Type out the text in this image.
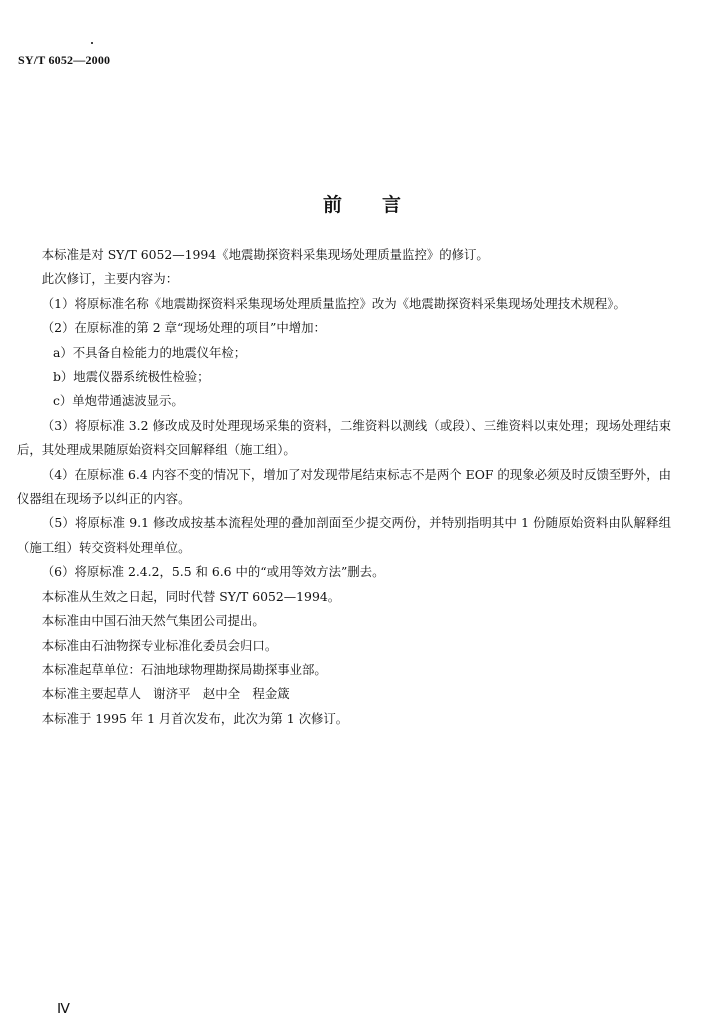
SY/T 6052—2000
前言

本标准是对 SY/T 6052—1994《地震勘探资料采集现场处理质量监控》的修订。

此次修订，主要内容为：

（1）将原标准名称《地震勘探资料采集现场处理质量监控》改为《地震勘探资料采集现场处理技术规程》。

（2）在原标准的第 2 章“现场处理的项目”中增加：

a）不具备自检能力的地震仪年检；

b）地震仪器系统极性检验；

c）单炮带通滤波显示。

（3）将原标准 3.2 修改成及时处理现场采集的资料，二维资料以测线（或段）、三维资料以束处理；现场处理结束后，其处理成果随原始资料交回解释组（施工组）。

（4）在原标准 6.4 内容不变的情况下，增加了对发现带尾结束标志不是两个 EOF 的现象必须及时反馈至野外，由仪器组在现场予以纠正的内容。

（5）将原标准 9.1 修改成按基本流程处理的叠加剖面至少提交两份，并特别指明其中 1 份随原始资料由队解释组（施工组）转交资料处理单位。

（6）将原标准 2.4.2，5.5 和 6.6 中的“或用等效方法”删去。

本标准从生效之日起，同时代替 SY/T 6052—1994。

本标准由中国石油天然气集团公司提出。

本标准由石油物探专业标准化委员会归口。

本标准起草单位：石油地球物理勘探局勘探事业部。

本标准主要起草人　谢济平　赵中全　程金箴

本标准于 1995 年 1 月首次发布，此次为第 1 次修订。

Ⅳ
